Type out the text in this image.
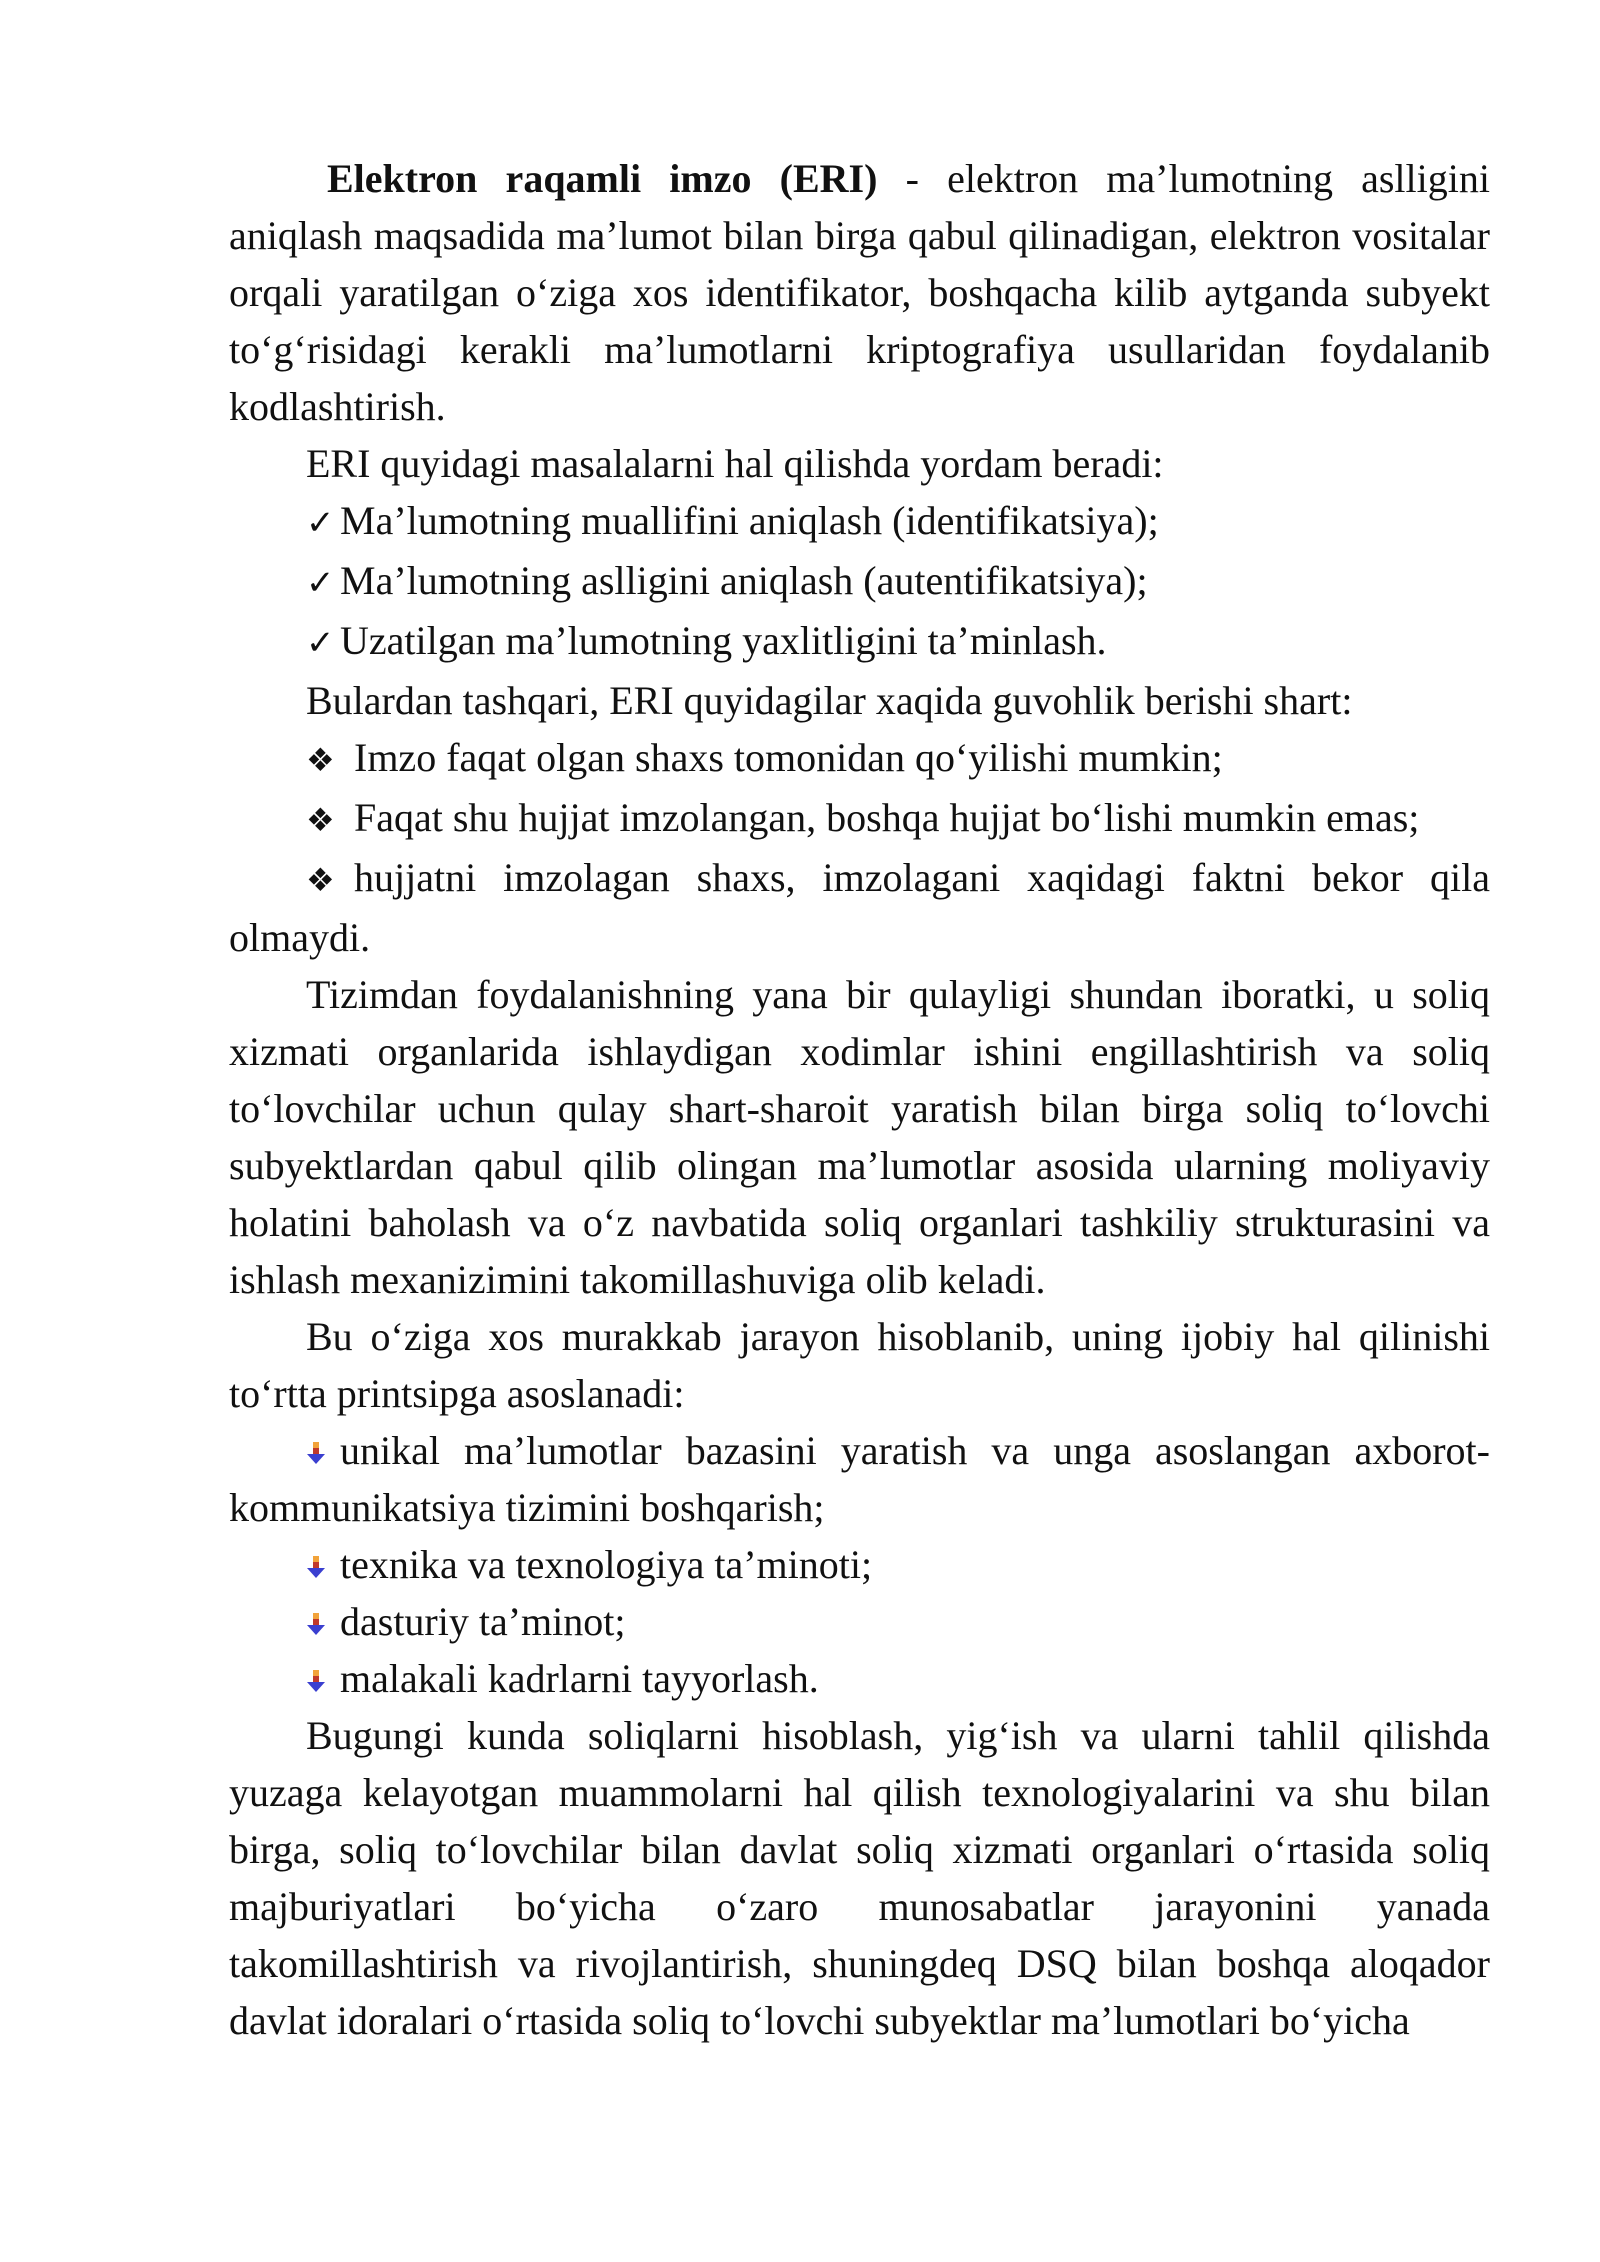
Elektron raqamli imzo (ERI) - elektron ma’lumotning aslligini aniqlash maqsadida ma’lumot bilan birga qabul qilinadigan, elektron vositalar orqali yaratilgan o‘ziga xos identifikator, boshqacha kilib aytganda subyekt to‘g‘risidagi kerakli ma’lumotlarni kriptografiya usullaridan foydalanib kodlashtirish.

ERI quyidagi masalalarni hal qilishda yordam beradi:

✓ Ma’lumotning muallifini aniqlash (identifikatsiya);

✓ Ma’lumotning aslligini aniqlash (autentifikatsiya);

✓ Uzatilgan ma’lumotning yaxlitligini ta’minlash.

Bulardan tashqari, ERI quyidagilar xaqida guvohlik berishi shart:

❖ Imzo faqat olgan shaxs tomonidan qo‘yilishi mumkin;

❖ Faqat shu hujjat imzolangan, boshqa hujjat bo‘lishi mumkin emas;

❖ hujjatni imzolagan shaxs, imzolagani xaqidagi faktni bekor qila olmaydi.

Tizimdan foydalanishning yana bir qulayligi shundan iboratki, u soliq xizmati organlarida ishlaydigan xodimlar ishini engillashtirish va soliq to‘lovchilar uchun qulay shart-sharoit yaratish bilan birga soliq to‘lovchi subyektlardan qabul qilib olingan ma’lumotlar asosida ularning moliyaviy holatini baholash va o‘z navbatida soliq organlari tashkiliy strukturasini va ishlash mexanizimini takomillashuviga olib keladi.

Bu o‘ziga xos murakkab jarayon hisoblanib, uning ijobiy hal qilinishi to‘rtta printsipga asoslanadi:

unikal ma’lumotlar bazasini yaratish va unga asoslangan axborot-kommunikatsiya tizimini boshqarish;

texnika va texnologiya ta’minoti;

dasturiy ta’minot;

malakali kadrlarni tayyorlash.

Bugungi kunda soliqlarni hisoblash, yig‘ish va ularni tahlil qilishda yuzaga kelayotgan muammolarni hal qilish texnologiyalarini va shu bilan birga, soliq to‘lovchilar bilan davlat soliq xizmati organlari o‘rtasida soliq majburiyatlari bo‘yicha o‘zaro munosabatlar jarayonini yanada takomillashtirish va rivojlantirish, shuningdeq DSQ bilan boshqa aloqador davlat idoralari o‘rtasida soliq to‘lovchi subyektlar ma’lumotlari bo‘yicha
